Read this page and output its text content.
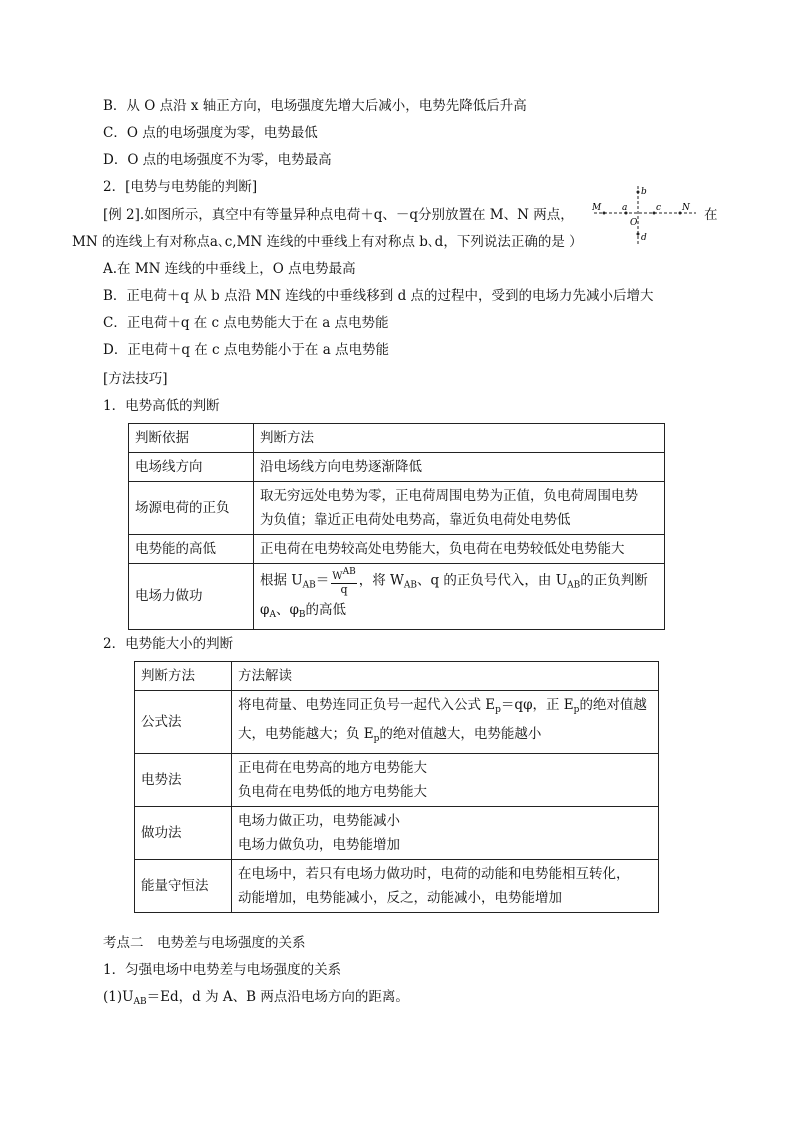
B．从 O 点沿 x 轴正方向，电场强度先增大后减小，电势先降低后升高
C．O 点的电场强度为零，电势最低
D．O 点的电场强度不为零，电势最高
2．[电势与电势能的判断]
[例 2].如图所示，真空中有等量异种点电荷＋q、－q分别放置在 M、N 两点，	在
MN 的连线上有对称点a､c,MN 连线的中垂线上有对称点 b､d，下列说法正确的是 ）
M a	c N
b
d
O
A.在 MN 连线的中垂线上，O 点电势最高
B．正电荷＋q 从 b 点沿 MN 连线的中垂线移到 d 点的过程中，受到的电场力先减小后增大
C．正电荷＋q 在 c 点电势能大于在 a 点电势能
D．正电荷＋q 在 c 点电势能小于在 a 点电势能
[方法技巧]
1．电势高低的判断
判断依据	判断方法
电场线方向	沿电场线方向电势逐渐降低
场源电荷的正负	取无穷远处电势为零，正电荷周围电势为正值，负电荷周围电势
为负值；靠近正电荷处电势高，靠近负电荷处电势低

电势能的高低	正电荷在电势较高处电势能大，负电荷在电势较低处电势能大
电场力做功	根据 $U_{AB}= \frac{\text{WAB}}{q}$ ，将 $W_{AB}$、q 的正负号代入，由 $U_{AB}$的正负判断
$\varphi_A$、$\varphi_B$的高低
2．电势能大小的判断
判断方法	方法解读
公式法	将电荷量、电势连同正负号一起代入公式 $E_p=q\varphi$，正 $E_p$的绝对值越
大，电势能越大；负 $E_p$的绝对值越大，电势能越小

电势法	正电荷在电势高的地方电势能大
负电荷在电势低的地方电势能大

做功法	电场力做正功，电势能减小
电场力做负功，电势能增加

能量守恒法	在电场中，若只有电场力做功时，电荷的动能和电势能相互转化，
动能增加，电势能减小，反之，动能减小，电势能增加
考点二　电势差与电场强度的关系
1．匀强电场中电势差与电场强度的关系
$(1)U_{AB}=Ed$，d 为 A、B 两点沿电场方向的距离。
